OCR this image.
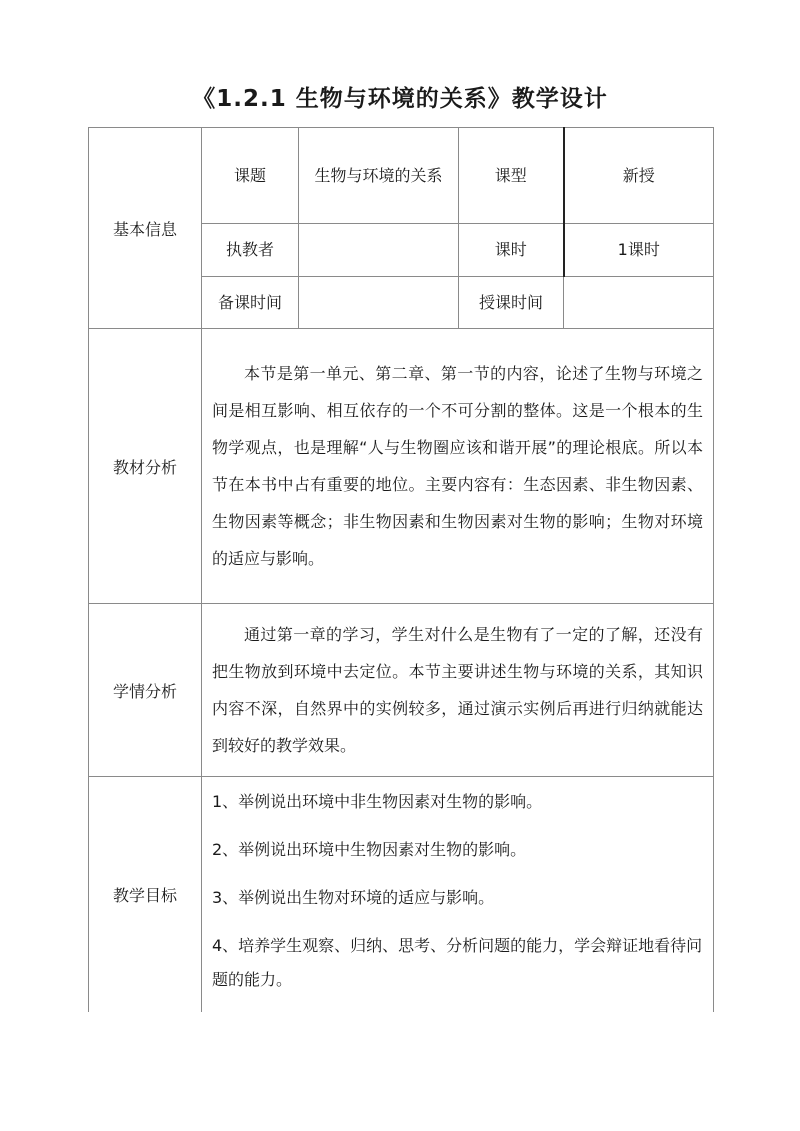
《1.2.1 生物与环境的关系》教学设计
基本信息	课题	生物与环境的关系	课型	新授
	执教者		课时	1课时
	备课时间		授课时间	
教材分析	本节是第一单元、第二章、第一节的内容，论述了生物与环境之间是相互影响、相互依存的一个不可分割的整体。这是一个根本的生物学观点，也是理解“人与生物圈应该和谐开展”的理论根底。所以本节在本书中占有重要的地位。主要内容有：生态因素、非生物因素、生物因素等概念；非生物因素和生物因素对生物的影响；生物对环境的适应与影响。			

学情分析	通过第一章的学习，学生对什么是生物有了一定的了解，还没有把生物放到环境中去定位。本节主要讲述生物与环境的关系，其知识内容不深，自然界中的实例较多，通过演示实例后再进行归纳就能达到较好的教学效果。			

教学目标	1、举例说出环境中非生物因素对生物的影响。
2、举例说出环境中生物因素对生物的影响。
3、举例说出生物对环境的适应与影响。
4、培养学生观察、归纳、思考、分析问题的能力，学会辩证地看待问题的能力。			
